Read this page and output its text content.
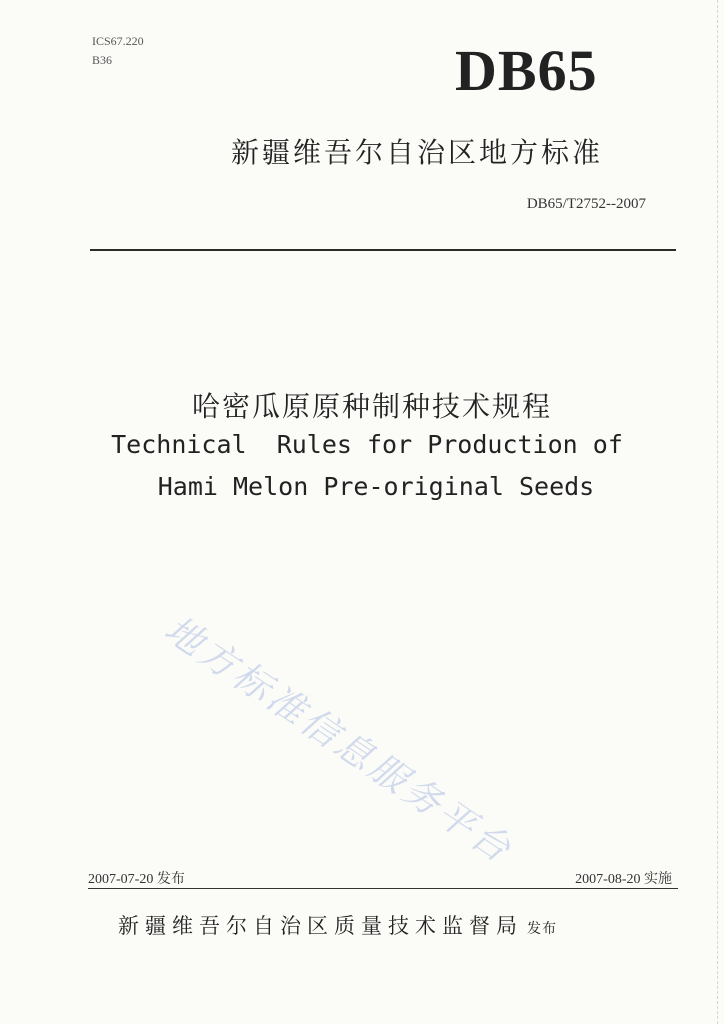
ICS67.220
B36	DB65
新疆维吾尔自治区地方标准
DB65/T2752--2007
哈密瓜原原种制种技术规程
Technical  Rules for Production of
Hami Melon Pre-original Seeds
地方标准信息服务平台
2007-07-20 发布	2007-08-20 实施
新疆维吾尔自治区质量技术监督局 发布
